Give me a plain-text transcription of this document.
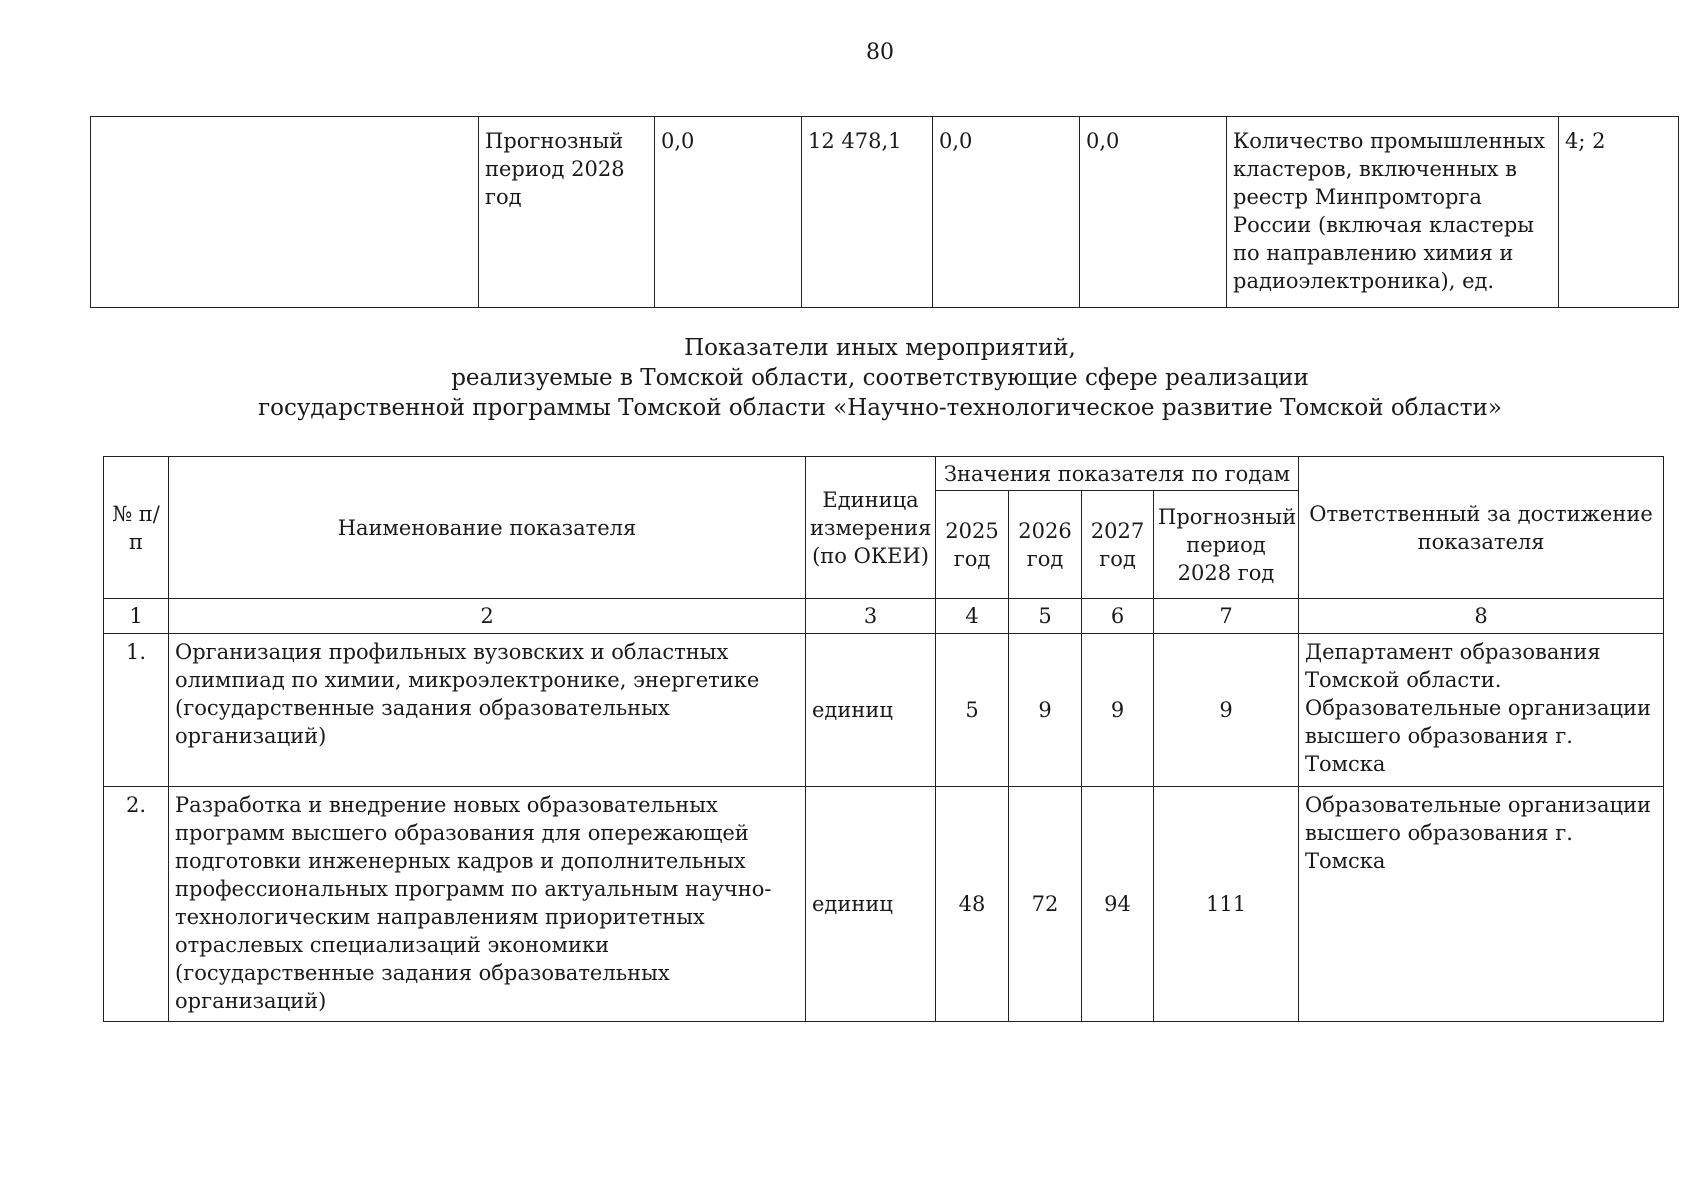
80
	Прогнозный период 2028 год	0,0	12 478,1	0,0	0,0	Количество промышленных кластеров, включенных в реестр Минпромторга России (включая кластеры по направлению химия и радиоэлектроника), ед.	4; 2
Показатели иных мероприятий,
реализуемые в Томской области, соответствующие сфере реализации
государственной программы Томской области «Научно-технологическое развитие Томской области»
№ п/п	Наименование показателя	Единица измерения (по ОКЕИ)	Значения показателя по годам				Ответственный за достижение показателя
			2025 год	2026 год	2027 год	Прогнозный период 2028 год	
1	2	3	4	5	6	7	8
1.	Организация профильных вузовских и областных олимпиад по химии, микроэлектронике, энергетике (государственные задания образовательных организаций)	единиц	5	9	9	9	Департамент образования Томской области. Образовательные организации высшего образования г. Томска
2.	Разработка и внедрение новых образовательных программ высшего образования для опережающей подготовки инженерных кадров и дополнительных профессиональных программ по актуальным научно-технологическим направлениям приоритетных отраслевых специализаций экономики (государственные задания образовательных организаций)	единиц	48	72	94	111	Образовательные организации высшего образования г. Томска
